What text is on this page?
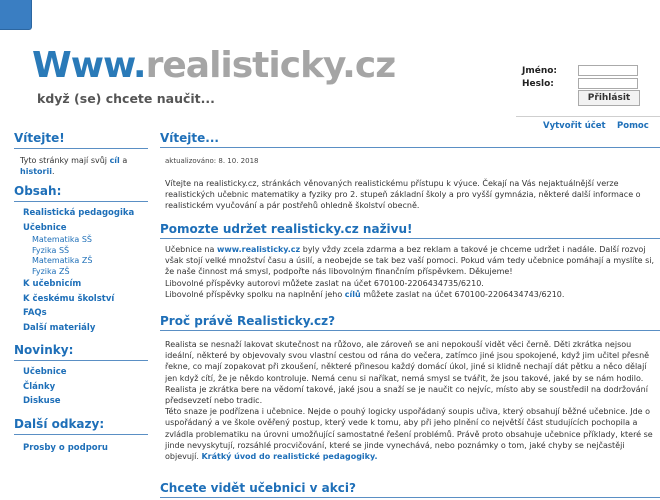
Www.realisticky.cz
když (se) chcete naučit...
Jméno:
Heslo:
Přihlásit
Vytvořit účet Pomoc
Vítejte!
Tyto stránky mají svůj cíl a historii.
Obsah:
Realistická pedagogika
Učebnice
Matematika SŠ
Fyzika SŠ
Matematika ZŠ
Fyzika ZŠ
K učebnicím
K českému školství
FAQs
Další materiály
Novinky:
Učebnice
Články
Diskuse
Další odkazy:
Prosby o podporu
Vítejte...
aktualizováno: 8. 10. 2018
Vítejte na realisticky.cz, stránkách věnovaných realistickému přístupu k výuce. Čekají na Vás nejaktuálnější verze realistických učebnic matematiky a fyziky pro 2. stupeň základní školy a pro vyšší gymnázia, některé další informace o realistickém vyučování a pár postřehů ohledně školství obecně.
Pomozte udržet realisticky.cz naživu!
Učebnice na www.realisticky.cz byly vždy zcela zdarma a bez reklam a takové je chceme udržet i nadále. Další rozvoj však stojí velké množství času a úsilí, a neobejde se tak bez vaší pomoci. Pokud vám tedy učebnice pomáhají a myslíte si, že naše činnost má smysl, podpořte nás libovolným finančním příspěvkem. Děkujeme!
Libovolné příspěvky autorovi můžete zaslat na účet 670100-2206434735/6210.
Libovolné příspěvky spolku na naplnění jeho cílů můžete zaslat na účet 670100-2206434743/6210.
Proč právě Realisticky.cz?
Realista se nesnaží lakovat skutečnost na růžovo, ale zároveň se ani nepokouší vidět věci černě. Děti zkrátka nejsou ideální, některé by objevovaly svou vlastní cestou od rána do večera, zatímco jiné jsou spokojené, když jim učitel přesně řekne, co mají zopakovat při zkoušení, některé přinesou každý domácí úkol, jiné si klidně nechají dát pětku a něco dělají jen když cítí, že je někdo kontroluje. Nemá cenu si naříkat, nemá smysl se tvářit, že jsou takové, jaké by se nám hodilo. Realista je zkrátka bere na vědomí takové, jaké jsou a snaží se je naučit co nejvíc, místo aby se soustředil na dodržování předsevzetí nebo tradic.
Této snaze je podřízena i učebnice. Nejde o pouhý logicky uspořádaný soupis učiva, který obsahují běžné učebnice. Jde o uspořádaný a ve škole ověřený postup, který vede k tomu, aby při jeho plnění co největší část studujících pochopila a zvládla problematiku na úrovni umožňující samostatné řešení problémů. Právě proto obsahuje učebnice příklady, které se jinde nevyskytují, rozsáhlé procvičování, které se jinde vynechává, nebo poznámky o tom, jaké chyby se nejčastěji objevují. Krátký úvod do realistické pedagogiky.
Chcete vidět učebnici v akci?
